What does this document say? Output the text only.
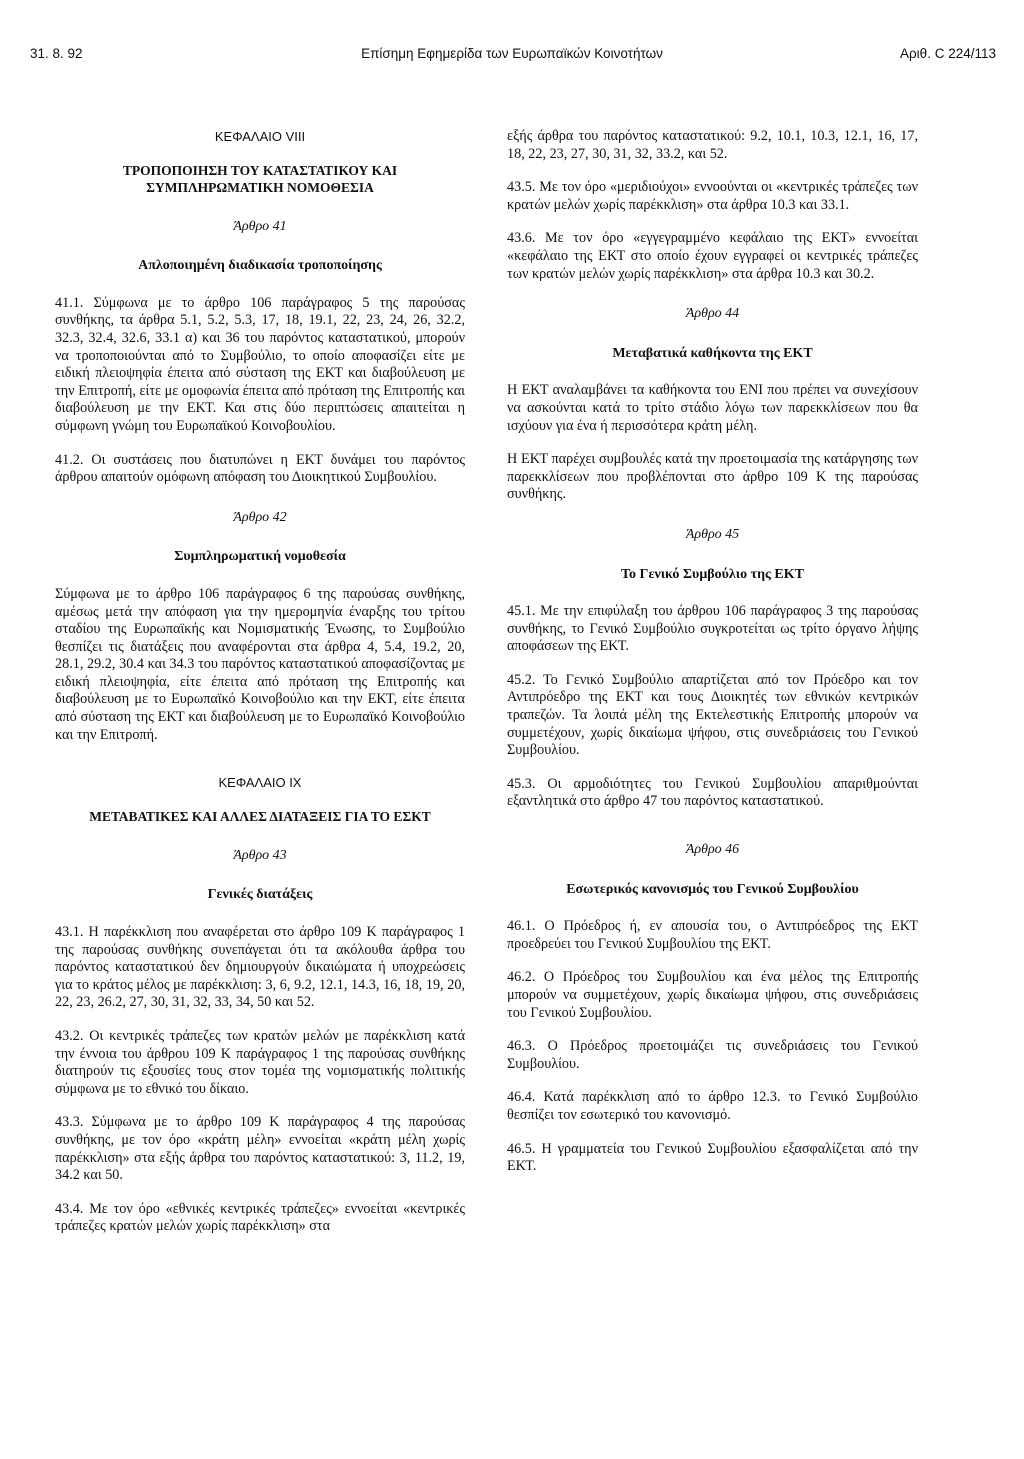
31. 8. 92	Επίσημη Εφημερίδα των Ευρωπαϊκών Κοινοτήτων	Αριθ. C 224/113
ΚΕΦΑΛΑΙΟ VIII
ΤΡΟΠΟΠΟΙΗΣΗ ΤΟΥ ΚΑΤΑΣΤΑΤΙΚΟΥ ΚΑΙ ΣΥΜΠΛΗΡΩΜΑΤΙΚΗ ΝΟΜΟΘΕΣΙΑ
Άρθρο 41
Απλοποιημένη διαδικασία τροποποίησης

41.1. Σύμφωνα με το άρθρο 106 παράγραφος 5 της παρούσας συνθήκης, τα άρθρα 5.1, 5.2, 5.3, 17, 18, 19.1, 22, 23, 24, 26, 32.2, 32.3, 32.4, 32.6, 33.1 α) και 36 του παρόντος καταστατικού, μπορούν να τροποποιούνται από το Συμβούλιο, το οποίο αποφασίζει είτε με ειδική πλειοψηφία έπειτα από σύσταση της ΕΚΤ και διαβούλευση με την Επιτροπή, είτε με ομοφωνία έπειτα από πρόταση της Επιτροπής και διαβούλευση με την ΕΚΤ. Και στις δύο περιπτώσεις απαιτείται η σύμφωνη γνώμη του Ευρωπαϊκού Κοινοβουλίου.

41.2. Οι συστάσεις που διατυπώνει η ΕΚΤ δυνάμει του παρόντος άρθρου απαιτούν ομόφωνη απόφαση του Διοικητικού Συμβουλίου.

Άρθρο 42
Συμπληρωματική νομοθεσία

Σύμφωνα με το άρθρο 106 παράγραφος 6 της παρούσας συνθήκης, αμέσως μετά την απόφαση για την ημερομηνία έναρξης του τρίτου σταδίου της Ευρωπαϊκής και Νομισματικής Ένωσης, το Συμβούλιο θεσπίζει τις διατάξεις που αναφέρονται στα άρθρα 4, 5.4, 19.2, 20, 28.1, 29.2, 30.4 και 34.3 του παρόντος καταστατικού αποφασίζοντας με ειδική πλειοψηφία, είτε έπειτα από πρόταση της Επιτροπής και διαβούλευση με το Ευρωπαϊκό Κοινοβούλιο και την ΕΚΤ, είτε έπειτα από σύσταση της ΕΚΤ και διαβούλευση με το Ευρωπαϊκό Κοινοβούλιο και την Επιτροπή.

ΚΕΦΑΛΑΙΟ IX
ΜΕΤΑΒΑΤΙΚΕΣ ΚΑΙ ΑΛΛΕΣ ΔΙΑΤΑΞΕΙΣ ΓΙΑ ΤΟ ΕΣΚΤ
Άρθρο 43
Γενικές διατάξεις

43.1. Η παρέκκλιση που αναφέρεται στο άρθρο 109 Κ παράγραφος 1 της παρούσας συνθήκης συνεπάγεται ότι τα ακόλουθα άρθρα του παρόντος καταστατικού δεν δημιουργούν δικαιώματα ή υποχρεώσεις για το κράτος μέλος με παρέκκλιση: 3, 6, 9.2, 12.1, 14.3, 16, 18, 19, 20, 22, 23, 26.2, 27, 30, 31, 32, 33, 34, 50 και 52.

43.2. Οι κεντρικές τράπεζες των κρατών μελών με παρέκκλιση κατά την έννοια του άρθρου 109 Κ παράγραφος 1 της παρούσας συνθήκης διατηρούν τις εξουσίες τους στον τομέα της νομισματικής πολιτικής σύμφωνα με το εθνικό του δίκαιο.

43.3. Σύμφωνα με το άρθρο 109 Κ παράγραφος 4 της παρούσας συνθήκης, με τον όρο «κράτη μέλη» εννοείται «κράτη μέλη χωρίς παρέκκλιση» στα εξής άρθρα του παρόντος καταστατικού: 3, 11.2, 19, 34.2 και 50.

43.4. Με τον όρο «εθνικές κεντρικές τράπεζες» εννοείται «κεντρικές τράπεζες κρατών μελών χωρίς παρέκκλιση» στα

εξής άρθρα του παρόντος καταστατικού: 9.2, 10.1, 10.3, 12.1, 16, 17, 18, 22, 23, 27, 30, 31, 32, 33.2, και 52.

43.5. Με τον όρο «μεριδιούχοι» εννοούνται οι «κεντρικές τράπεζες των κρατών μελών χωρίς παρέκκλιση» στα άρθρα 10.3 και 33.1.

43.6. Με τον όρο «εγγεγραμμένο κεφάλαιο της ΕΚΤ» εννοείται «κεφάλαιο της ΕΚΤ στο οποίο έχουν εγγραφεί οι κεντρικές τράπεζες των κρατών μελών χωρίς παρέκκλιση» στα άρθρα 10.3 και 30.2.

Άρθρο 44
Μεταβατικά καθήκοντα της ΕΚΤ

Η ΕΚΤ αναλαμβάνει τα καθήκοντα του ΕΝΙ που πρέπει να συνεχίσουν να ασκούνται κατά το τρίτο στάδιο λόγω των παρεκκλίσεων που θα ισχύουν για ένα ή περισσότερα κράτη μέλη.

Η ΕΚΤ παρέχει συμβουλές κατά την προετοιμασία της κατάργησης των παρεκκλίσεων που προβλέπονται στο άρθρο 109 Κ της παρούσας συνθήκης.

Άρθρο 45
Το Γενικό Συμβούλιο της ΕΚΤ

45.1. Με την επιφύλαξη του άρθρου 106 παράγραφος 3 της παρούσας συνθήκης, το Γενικό Συμβούλιο συγκροτείται ως τρίτο όργανο λήψης αποφάσεων της ΕΚΤ.

45.2. Το Γενικό Συμβούλιο απαρτίζεται από τον Πρόεδρο και τον Αντιπρόεδρο της ΕΚΤ και τους Διοικητές των εθνικών κεντρικών τραπεζών. Τα λοιπά μέλη της Εκτελεστικής Επιτροπής μπορούν να συμμετέχουν, χωρίς δικαίωμα ψήφου, στις συνεδριάσεις του Γενικού Συμβουλίου.

45.3. Οι αρμοδιότητες του Γενικού Συμβουλίου απαριθμούνται εξαντλητικά στο άρθρο 47 του παρόντος καταστατικού.

Άρθρο 46
Εσωτερικός κανονισμός του Γενικού Συμβουλίου

46.1. Ο Πρόεδρος ή, εν απουσία του, ο Αντιπρόεδρος της ΕΚΤ προεδρεύει του Γενικού Συμβουλίου της ΕΚΤ.

46.2. Ο Πρόεδρος του Συμβουλίου και ένα μέλος της Επιτροπής μπορούν να συμμετέχουν, χωρίς δικαίωμα ψήφου, στις συνεδριάσεις του Γενικού Συμβουλίου.

46.3. Ο Πρόεδρος προετοιμάζει τις συνεδριάσεις του Γενικού Συμβουλίου.

46.4. Κατά παρέκκλιση από το άρθρο 12.3. το Γενικό Συμβούλιο θεσπίζει τον εσωτερικό του κανονισμό.

46.5. Η γραμματεία του Γενικού Συμβουλίου εξασφαλίζεται από την ΕΚΤ.
